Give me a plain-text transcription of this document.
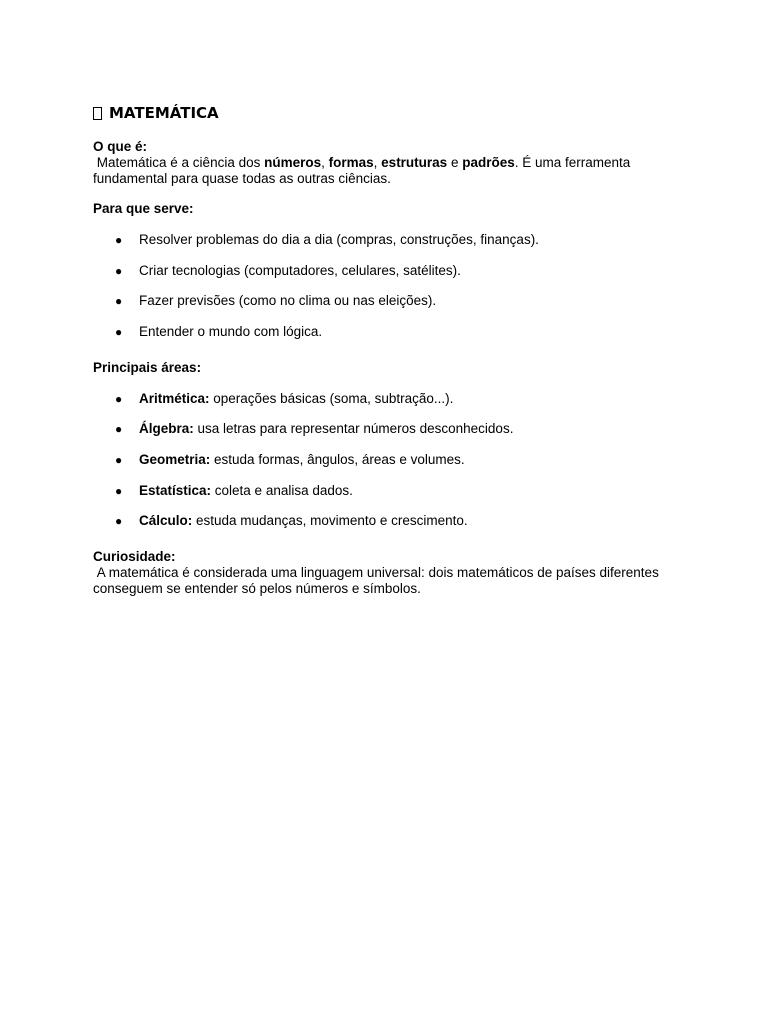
MATEMÁTICA
O que é:

Matemática é a ciência dos números, formas, estruturas e padrões. É uma ferramenta fundamental para quase todas as outras ciências.

Para que serve:
● Resolver problemas do dia a dia (compras, construções, finanças).
● Criar tecnologias (computadores, celulares, satélites).
● Fazer previsões (como no clima ou nas eleições).
● Entender o mundo com lógica.
Principais áreas:
● Aritmética: operações básicas (soma, subtração...).
● Álgebra: usa letras para representar números desconhecidos.
● Geometria: estuda formas, ângulos, áreas e volumes.
● Estatística: coleta e analisa dados.
● Cálculo: estuda mudanças, movimento e crescimento.
Curiosidade:

A matemática é considerada uma linguagem universal: dois matemáticos de países diferentes conseguem se entender só pelos números e símbolos.
